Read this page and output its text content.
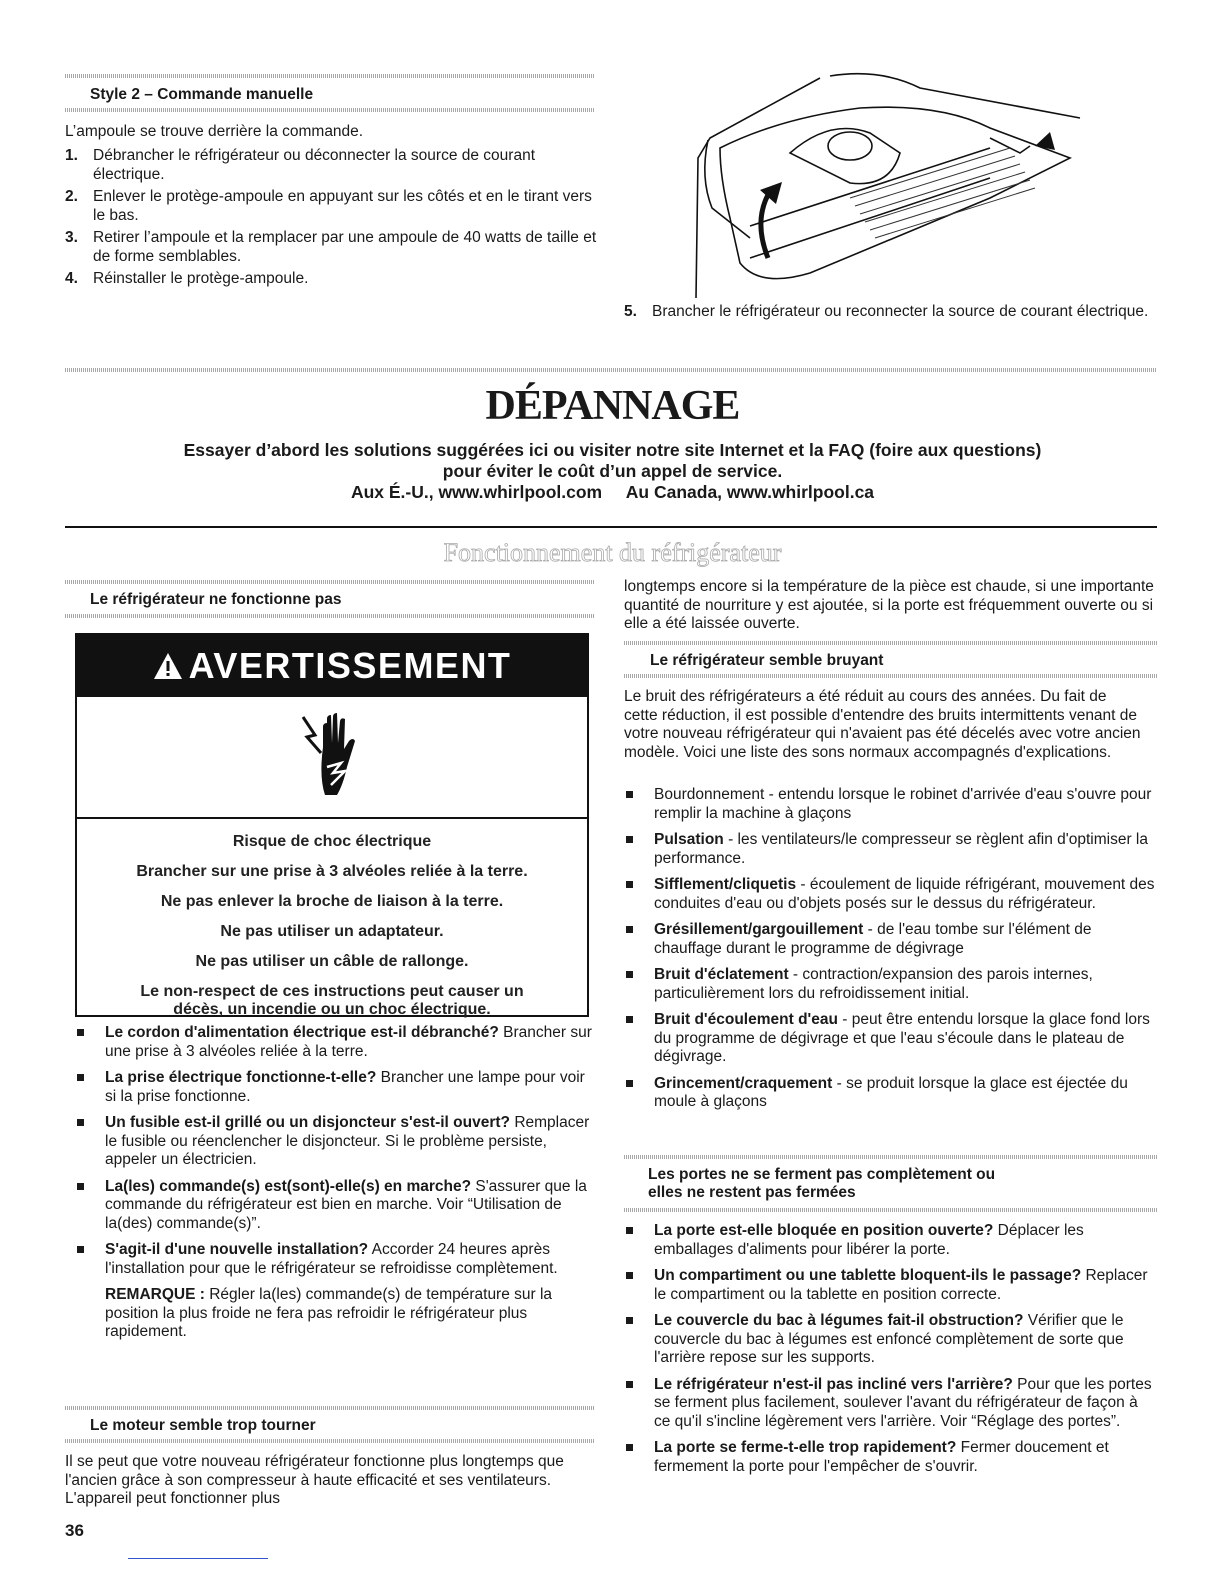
Style 2 – Commande manuelle
L’ampoule se trouve derrière la commande.
1. Débrancher le réfrigérateur ou déconnecter la source de courant électrique.
2. Enlever le protège-ampoule en appuyant sur les côtés et en le tirant vers le bas.
3. Retirer l’ampoule et la remplacer par une ampoule de 40 watts de taille et de forme semblables.
4. Réinstaller le protège-ampoule.
5. Brancher le réfrigérateur ou reconnecter la source de courant électrique.
DÉPANNAGE
Essayer d’abord les solutions suggérées ici ou visiter notre site Internet et la FAQ (foire aux questions)
pour éviter le coût d’un appel de service.
Aux É.-U., www.whirlpool.com     Au Canada, www.whirlpool.ca
Fonctionnement du réfrigérateur
Le réfrigérateur ne fonctionne pas
AVERTISSEMENT
Risque de choc électrique
Brancher sur une prise à 3 alvéoles reliée à la terre.
Ne pas enlever la broche de liaison à la terre.
Ne pas utiliser un adaptateur.
Ne pas utiliser un câble de rallonge.
Le non-respect de ces instructions peut causer un décès, un incendie ou un choc électrique.
Le cordon d'alimentation électrique est-il débranché? Brancher sur une prise à 3 alvéoles reliée à la terre.
La prise électrique fonctionne-t-elle? Brancher une lampe pour voir si la prise fonctionne.
Un fusible est-il grillé ou un disjoncteur s'est-il ouvert? Remplacer le fusible ou réenclencher le disjoncteur. Si le problème persiste, appeler un électricien.
La(les) commande(s) est(sont)-elle(s) en marche? S'assurer que la commande du réfrigérateur est bien en marche. Voir “Utilisation de la(des) commande(s)”.
S'agit-il d'une nouvelle installation? Accorder 24 heures après l'installation pour que le réfrigérateur se refroidisse complètement.
REMARQUE : Régler la(les) commande(s) de température sur la position la plus froide ne fera pas refroidir le réfrigérateur plus rapidement.
Le moteur semble trop tourner
Il se peut que votre nouveau réfrigérateur fonctionne plus longtemps que l'ancien grâce à son compresseur à haute efficacité et ses ventilateurs. L'appareil peut fonctionner plus
36
longtemps encore si la température de la pièce est chaude, si une importante quantité de nourriture y est ajoutée, si la porte est fréquemment ouverte ou si elle a été laissée ouverte.
Le réfrigérateur semble bruyant
Le bruit des réfrigérateurs a été réduit au cours des années. Du fait de cette réduction, il est possible d'entendre des bruits intermittents venant de votre nouveau réfrigérateur qui n'avaient pas été décelés avec votre ancien modèle. Voici une liste des sons normaux accompagnés d'explications.
Bourdonnement - entendu lorsque le robinet d'arrivée d'eau s'ouvre pour remplir la machine à glaçons
Pulsation - les ventilateurs/le compresseur se règlent afin d'optimiser la performance.
Sifflement/cliquetis - écoulement de liquide réfrigérant, mouvement des conduites d'eau ou d'objets posés sur le dessus du réfrigérateur.
Grésillement/gargouillement - de l'eau tombe sur l'élément de chauffage durant le programme de dégivrage
Bruit d'éclatement - contraction/expansion des parois internes, particulièrement lors du refroidissement initial.
Bruit d'écoulement d'eau - peut être entendu lorsque la glace fond lors du programme de dégivrage et que l'eau s'écoule dans le plateau de dégivrage.
Grincement/craquement - se produit lorsque la glace est éjectée du moule à glaçons
Les portes ne se ferment pas complètement ou
elles ne restent pas fermées
La porte est-elle bloquée en position ouverte? Déplacer les emballages d'aliments pour libérer la porte.
Un compartiment ou une tablette bloquent-ils le passage? Replacer le compartiment ou la tablette en position correcte.
Le couvercle du bac à légumes fait-il obstruction? Vérifier que le couvercle du bac à légumes est enfoncé complètement de sorte que l'arrière repose sur les supports.
Le réfrigérateur n'est-il pas incliné vers l'arrière? Pour que les portes se ferment plus facilement, soulever l'avant du réfrigérateur de façon à ce qu'il s'incline légèrement vers l'arrière. Voir “Réglage des portes”.
La porte se ferme-t-elle trop rapidement? Fermer doucement et fermement la porte pour l'empêcher de s'ouvrir.
